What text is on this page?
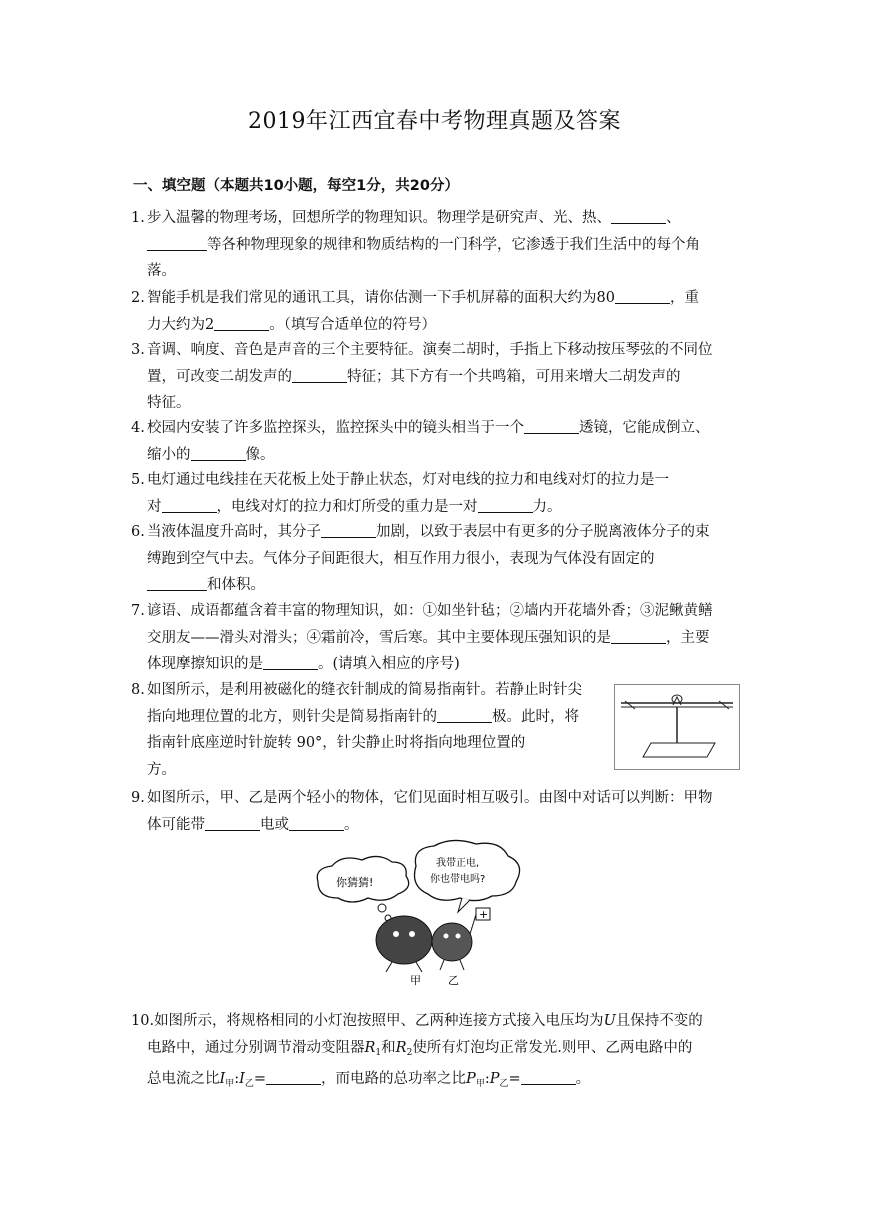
2019年江西宜春中考物理真题及答案
一、填空题（本题共10小题，每空1分，共20分）
1. 步入温馨的物理考场，回想所学的物理知识。物理学是研究声、光、热、	、
等各种物理现象的规律和物质结构的一门科学，它渗透于我们生活中的每个角
落。
2. 智能手机是我们常见的通讯工具，请你估测一下手机屏幕的面积大约为80	，重
力大约为2	。（填写合适单位的符号）
3. 音调、响度、音色是声音的三个主要特征。演奏二胡时，手指上下移动按压琴弦的不同位
置，可改变二胡发声的	特征；其下方有一个共鸣箱，可用来增大二胡发声的
特征。
4. 校园内安装了许多监控探头，监控探头中的镜头相当于一个	透镜，它能成倒立、
缩小的	像。
5. 电灯通过电线挂在天花板上处于静止状态，灯对电线的拉力和电线对灯的拉力是一
对	，电线对灯的拉力和灯所受的重力是一对	力。
6. 当液体温度升高时，其分子	加剧，以致于表层中有更多的分子脱离液体分子的束
缚跑到空气中去。气体分子间距很大，相互作用力很小，表现为气体没有固定的
和体积。
7. 谚语、成语都蕴含着丰富的物理知识，如：①如坐针毡；②墙内开花墙外香；③泥鳅黄鳝
交朋友——滑头对滑头；④霜前冷，雪后寒。其中主要体现压强知识的是	，主要
体现摩擦知识的是	。(请填入相应的序号)
8. 如图所示，是利用被磁化的缝衣针制成的简易指南针。若静止时针尖
指向地理位置的北方，则针尖是简易指南针的	极。此时，将
指南针底座逆时针旋转 90°，针尖静止时将指向地理位置的
方。
9. 如图所示，甲、乙是两个轻小的物体，它们见面时相互吸引。由图中对话可以判断：甲物
体可能带	电或	。
你猜猜!
我带正电,
你也带电吗?
+
甲 乙
10.如图所示，将规格相同的小灯泡按照甲、乙两种连接方式接入电压均为U且保持不变的
电路中，通过分别调节滑动变阻器$R_1$和$R_2$使所有灯泡均正常发光.则甲、乙两电路中的
总电流之比$I_甲:I_乙=$	，而电路的总功率之比$P_甲:P_乙=$	。
